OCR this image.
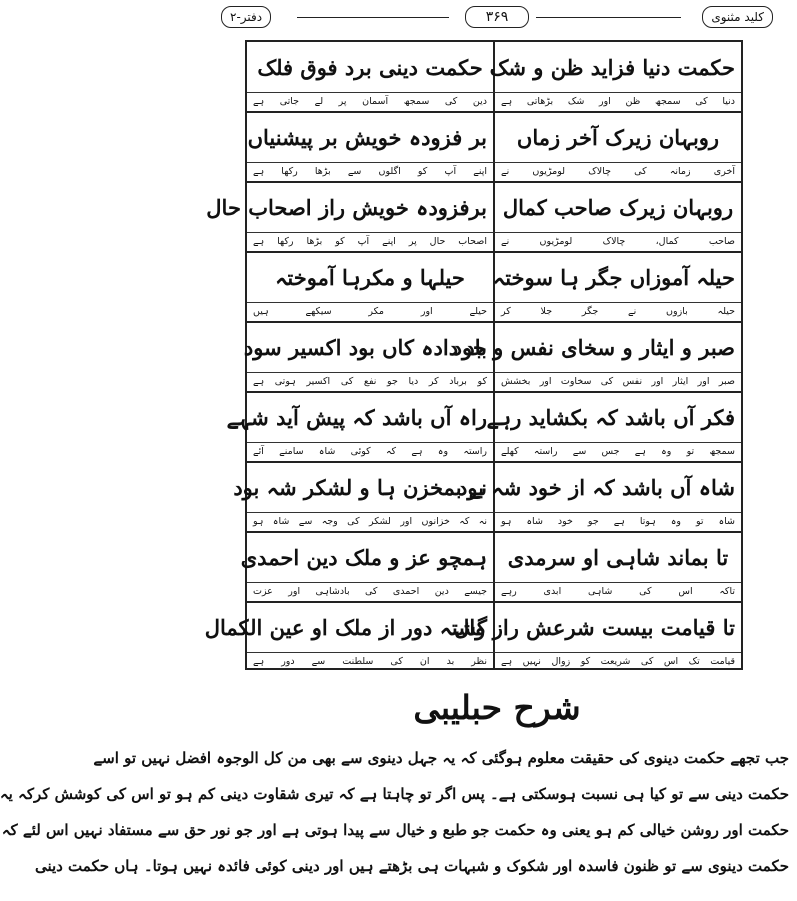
کلید مثنوی
۳۶۹
دفتر-۲
حکمت دنیا فزاید ظن و شک
دنیا کی سمجھ ظن اور شک بڑھاتی ہے
حکمت دینی برد فوق فلک
دین کی سمجھ آسمان پر لے جاتی ہے
روبہان زیرک آخر زماں
آخری زمانہ کی چالاک لومڑیوں نے
بر فزودہ خویش بر پیشنیاں
اپنے آپ کو اگلوں سے بڑھا رکھا ہے
روبہان زیرک صاحب کمال
صاحب کمال، چالاک لومڑیوں نے
برفزودہ خویش راز اصحاب حال
اصحاب حال پر اپنے آپ کو بڑھا رکھا ہے
حیلہ آموزاں جگر ہا سوختہ
حیلہ بازوں نے جگر جلا کر
حیلہا و مکرہا آموختہ
حیلے اور مکر سیکھے ہیں
صبر و ایثار و سخای نفس و جود
صبر اور ایثار اور نفس کی سخاوت اور بخشش
باد دادہ کاں بود اکسیر سود
کو برباد کر دیا جو نفع کی اکسیر ہوتی ہے
فکر آں باشد کہ بکشاید رہے
سمجھ تو وہ ہے جس سے راستہ کھلے
راہ آں باشد کہ پیش آید شہے
راستہ وہ ہے کہ کوئی شاہ سامنے آئے
شاہ آں باشد کہ از خود شہ بود
شاہ تو وہ ہوتا ہے جو خود شاہ ہو
نے بمخزن ہا و لشکر شہ بود
نہ کہ خزانوں اور لشکر کی وجہ سے شاہ ہو
تا بماند شاہی او سرمدی
تاکہ اس کی شاہی ابدی رہے
ہمچو عز و ملک دین احمدی
جیسے دین احمدی کی بادشاہی اور عزت
تا قیامت بیست شرعش راز وال
قیامت تک اس کی شریعت کو زوال نہیں ہے
گشتہ دور از ملک او عین الکمال
نظر بد ان کی سلطنت سے دور ہے
شرح حبلیبی
جب تجھے حکمت دینوی کی حقیقت معلوم ہوگئی کہ یہ جہل دینوی سے بھی من کل الوجوہ افضل نہیں تو اسے
حکمت دینی سے تو کیا ہی نسبت ہوسکتی ہے۔ پس اگر تو چاہتا ہے کہ تیری شقاوت دینی کم ہو تو اس کی کوشش کرکہ یہ
حکمت اور روشن خیالی کم ہو یعنی وہ حکمت جو طبع و خیال سے پیدا ہوتی ہے اور جو نور حق سے مستفاد نہیں اس لئے کہ
حکمت دینوی سے تو ظنون فاسدہ اور شکوک و شبہات ہی بڑھتے ہیں اور دینی کوئی فائدہ نہیں ہوتا۔ ہاں حکمت دینی
